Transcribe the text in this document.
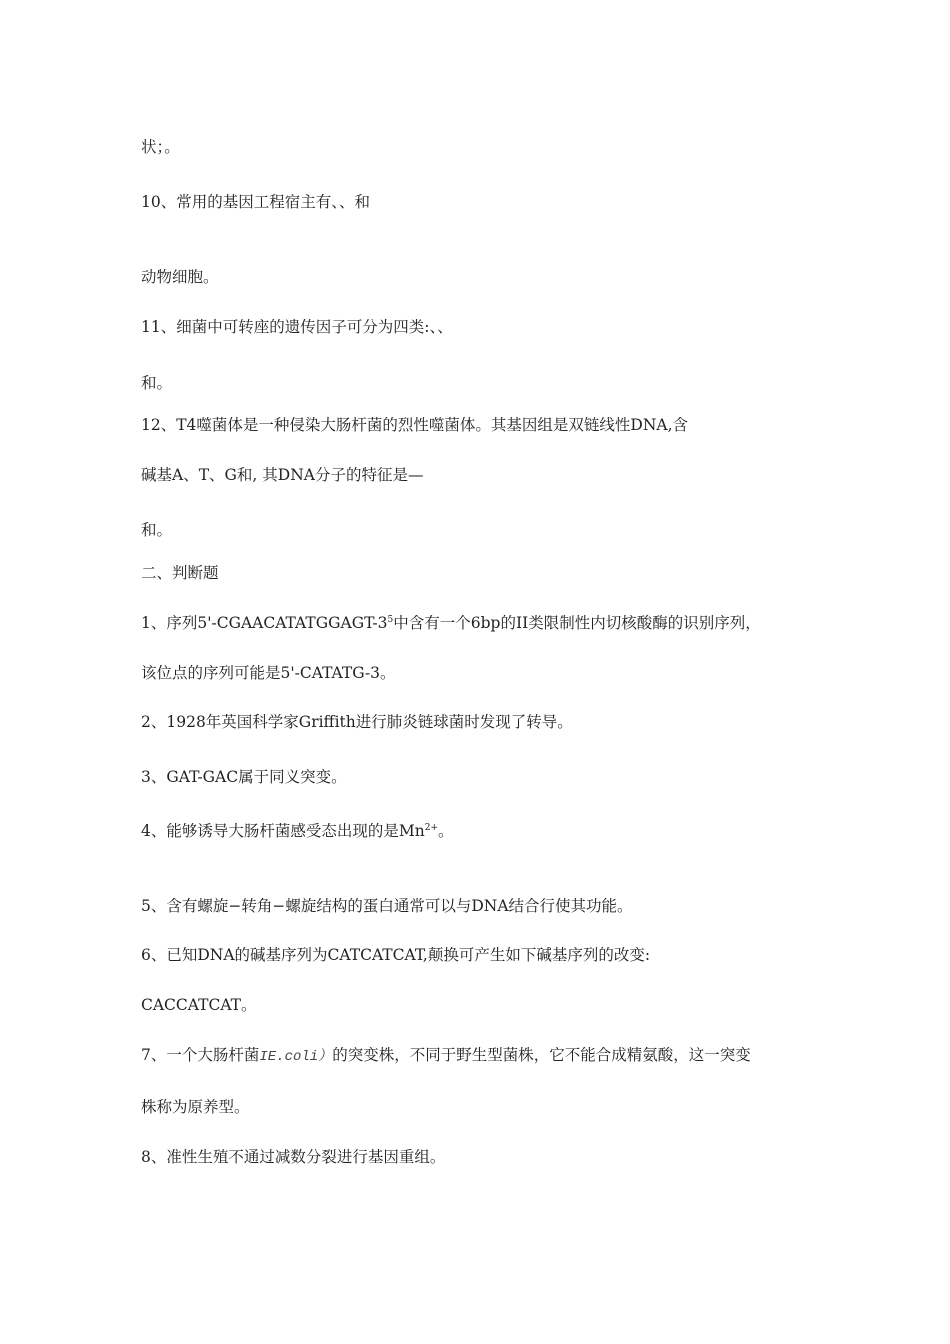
状；。
10、常用的基因工程宿主有、、和
动物细胞。
11、细菌中可转座的遗传因子可分为四类:、、
和。
12、T4噬菌体是一种侵染大肠杆菌的烈性噬菌体。其基因组是双链线性DNA,含
碱基A、T、G和, 其DNA分子的特征是—
和。
二、判断题
1、序列$5'-CGAACATATGGAGT-3^5$中含有一个6bp的II类限制性内切核酸酶的识别序列，
该位点的序列可能是5'-CATATG-3。
2、1928年英国科学家Griffith进行肺炎链球菌时发现了转导。
3、GAT-GAC属于同义突变。
4、能够诱导大肠杆菌感受态出现的是$Mn^{2+}$。
5、含有螺旋−转角−螺旋结构的蛋白通常可以与DNA结合行使其功能。
6、已知DNA的碱基序列为CATCATCAT,颠换可产生如下碱基序列的改变:
CACCATCAT。
7、一个大肠杆菌IE.coli）的突变株，不同于野生型菌株，它不能合成精氨酸，这一突变
株称为原养型。
8、准性生殖不通过减数分裂进行基因重组。
